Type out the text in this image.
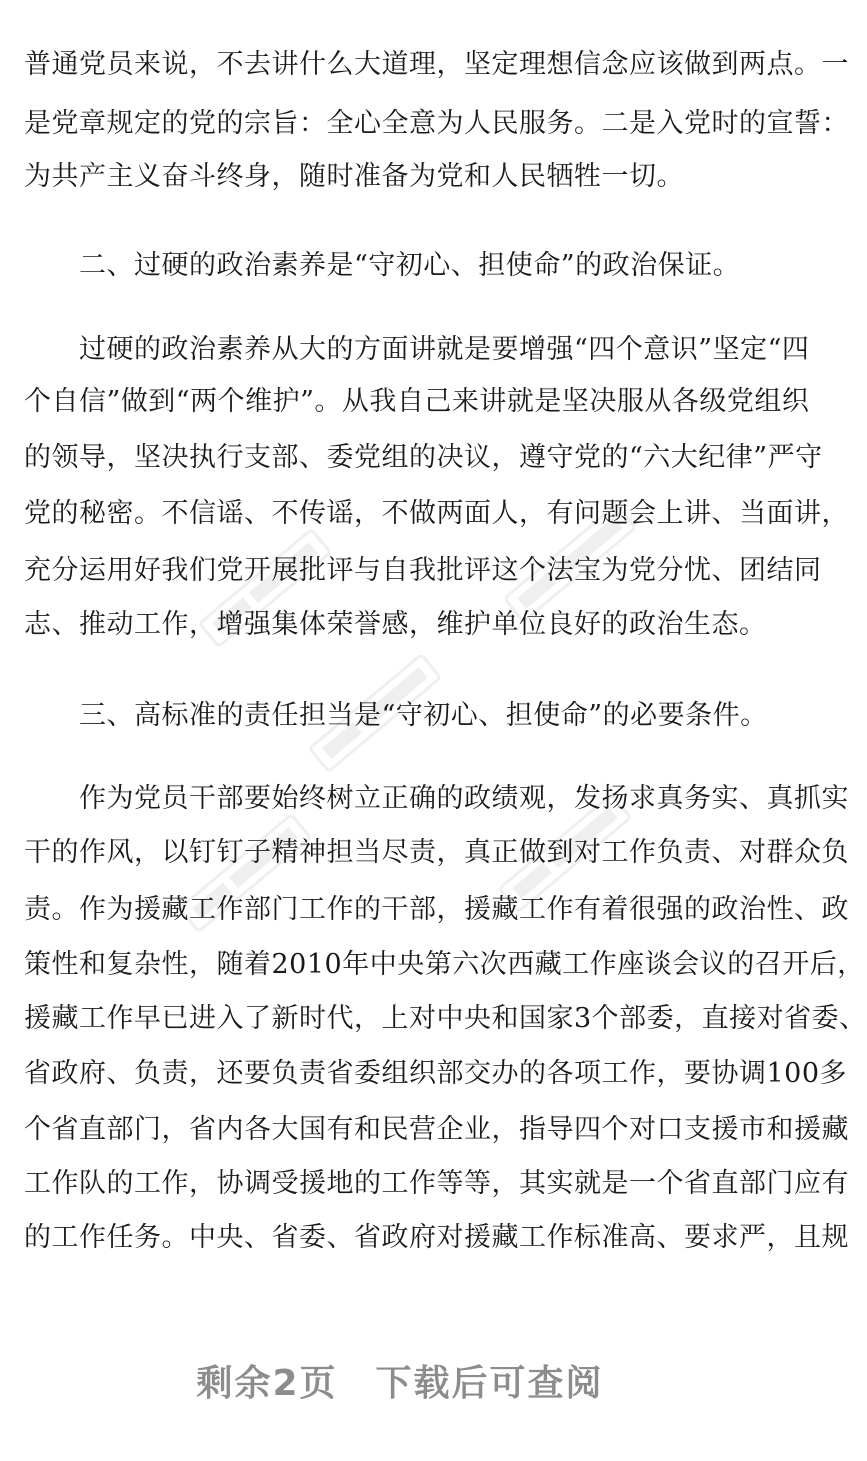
普通党员来说，不去讲什么大道理，坚定理想信念应该做到两点。一
是党章规定的党的宗旨：全心全意为人民服务。二是入党时的宣誓：
为共产主义奋斗终身，随时准备为党和人民牺牲一切。
　　二、过硬的政治素养是“守初心、担使命”的政治保证。
　　过硬的政治素养从大的方面讲就是要增强“四个意识”坚定“四
个自信”做到“两个维护”。从我自己来讲就是坚决服从各级党组织
的领导，坚决执行支部、委党组的决议，遵守党的“六大纪律”严守
党的秘密。不信谣、不传谣，不做两面人，有问题会上讲、当面讲，
充分运用好我们党开展批评与自我批评这个法宝为党分忧、团结同
志、推动工作，增强集体荣誉感，维护单位良好的政治生态。
　　三、高标准的责任担当是“守初心、担使命”的必要条件。
　　作为党员干部要始终树立正确的政绩观，发扬求真务实、真抓实
干的作风，以钉钉子精神担当尽责，真正做到对工作负责、对群众负
责。作为援藏工作部门工作的干部，援藏工作有着很强的政治性、政
策性和复杂性，随着2010年中央第六次西藏工作座谈会议的召开后，
援藏工作早已进入了新时代，上对中央和国家3个部委，直接对省委、
省政府、负责，还要负责省委组织部交办的各项工作，要协调100多
个省直部门，省内各大国有和民营企业，指导四个对口支援市和援藏
工作队的工作，协调受援地的工作等等，其实就是一个省直部门应有
的工作任务。中央、省委、省政府对援藏工作标准高、要求严，且规
剩余2页　下载后可查阅
